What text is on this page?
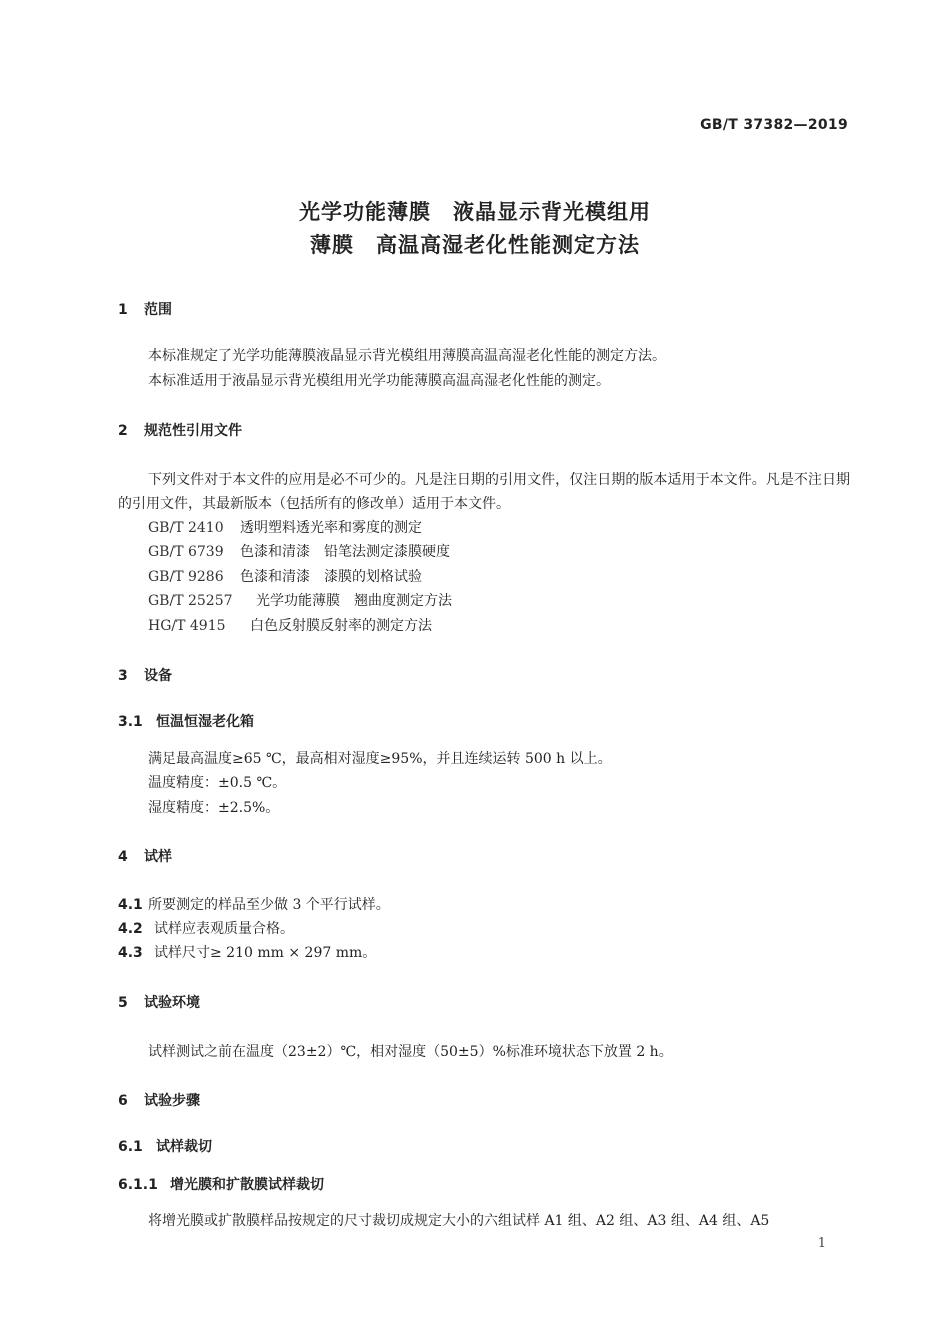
GB/T 37382—2019
光学功能薄膜　液晶显示背光模组用
薄膜　高温高湿老化性能测定方法
1 范围
本标准规定了光学功能薄膜液晶显示背光模组用薄膜高温高湿老化性能的测定方法。
本标准适用于液晶显示背光模组用光学功能薄膜高温高湿老化性能的测定。
2 规范性引用文件
下列文件对于本文件的应用是必不可少的。凡是注日期的引用文件，仅注日期的版本适用于本文件。凡是不注日期的引用文件，其最新版本（包括所有的修改单）适用于本文件。
GB/T 2410 透明塑料透光率和雾度的测定
GB/T 6739 色漆和清漆　铅笔法测定漆膜硬度
GB/T 9286 色漆和清漆　漆膜的划格试验
GB/T 25257 光学功能薄膜　翘曲度测定方法
HG/T 4915 白色反射膜反射率的测定方法
3 设备
3.1 恒温恒湿老化箱
满足最高温度≥65 ℃，最高相对湿度≥95%，并且连续运转 500 h 以上。
温度精度：±0.5 ℃。
湿度精度：±2.5%。
4 试样
4.1 所要测定的样品至少做 3 个平行试样。
4.2 试样应表观质量合格。
4.3 试样尺寸≥ 210 mm × 297 mm。
5 试验环境
试样测试之前在温度（23±2）℃，相对湿度（50±5）%标准环境状态下放置 2 h。
6 试验步骤
6.1 试样裁切
6.1.1 增光膜和扩散膜试样裁切
将增光膜或扩散膜样品按规定的尺寸裁切成规定大小的六组试样 A1 组、A2 组、A3 组、A4 组、A5
1
